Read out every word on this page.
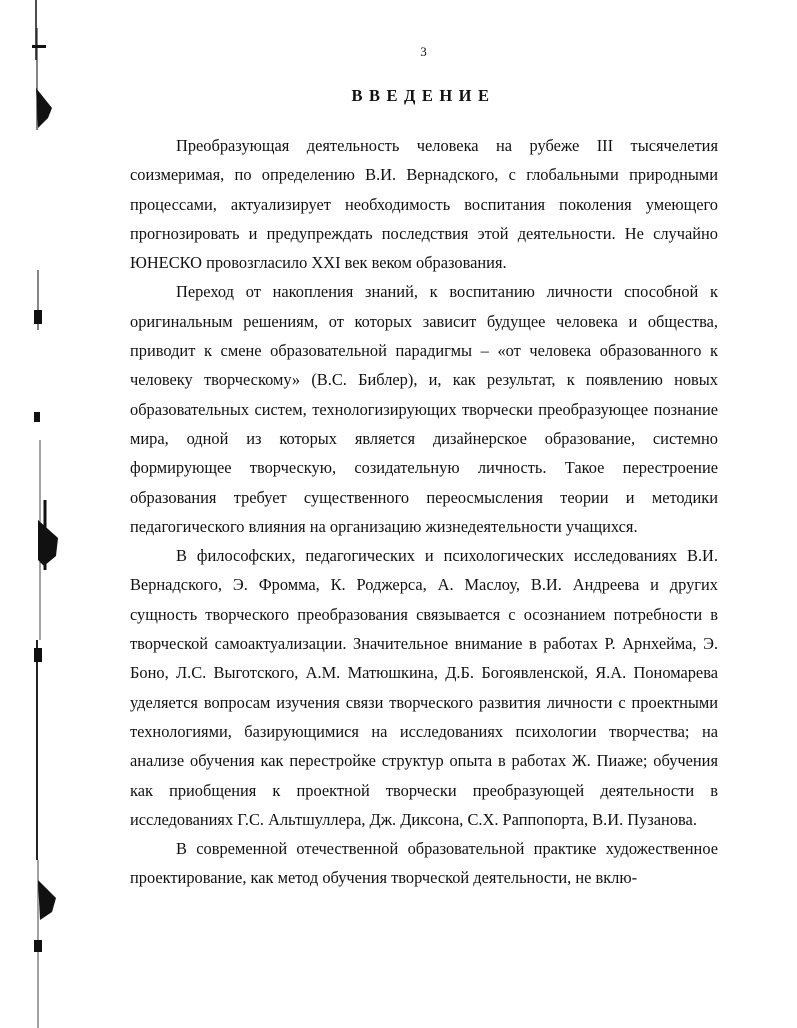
3
ВВЕДЕНИЕ

Преобразующая деятельность человека на рубеже III тысячелетия соизмеримая, по определению В.И. Вернадского, с глобальными природными процессами, актуализирует необходимость воспитания поколения умеющего прогнозировать и предупреждать последствия этой деятельности. Не случайно ЮНЕСКО провозгласило XXI век веком образования.

Переход от накопления знаний, к воспитанию личности способной к оригинальным решениям, от которых зависит будущее человека и общества, приводит к смене образовательной парадигмы – «от человека образованного к человеку творческому» (В.С. Библер), и, как результат, к появлению новых образовательных систем, технологизирующих творчески преобразующее познание мира, одной из которых является дизайнерское образование, системно формирующее творческую, созидательную личность. Такое перестроение образования требует существенного переосмысления теории и методики педагогического влияния на организацию жизнедеятельности учащихся.

В философских, педагогических и психологических исследованиях В.И. Вернадского, Э. Фромма, К. Роджерса, А. Маслоу, В.И. Андреева и других сущность творческого преобразования связывается с осознанием потребности в творческой самоактуализации. Значительное внимание в работах Р. Арнхейма, Э. Боно, Л.С. Выготского, А.М. Матюшкина, Д.Б. Богоявленской, Я.А. Пономарева уделяется вопросам изучения связи творческого развития личности с проектными технологиями, базирующимися на исследованиях психологии творчества; на анализе обучения как перестройке структур опыта в работах Ж. Пиаже; обучения как приобщения к проектной творчески преобразующей деятельности в исследованиях Г.С. Альтшуллера, Дж. Диксона, С.Х. Раппопорта, В.И. Пузанова.

В современной отечественной образовательной практике художественное проектирование, как метод обучения творческой деятельности, не вклю-
